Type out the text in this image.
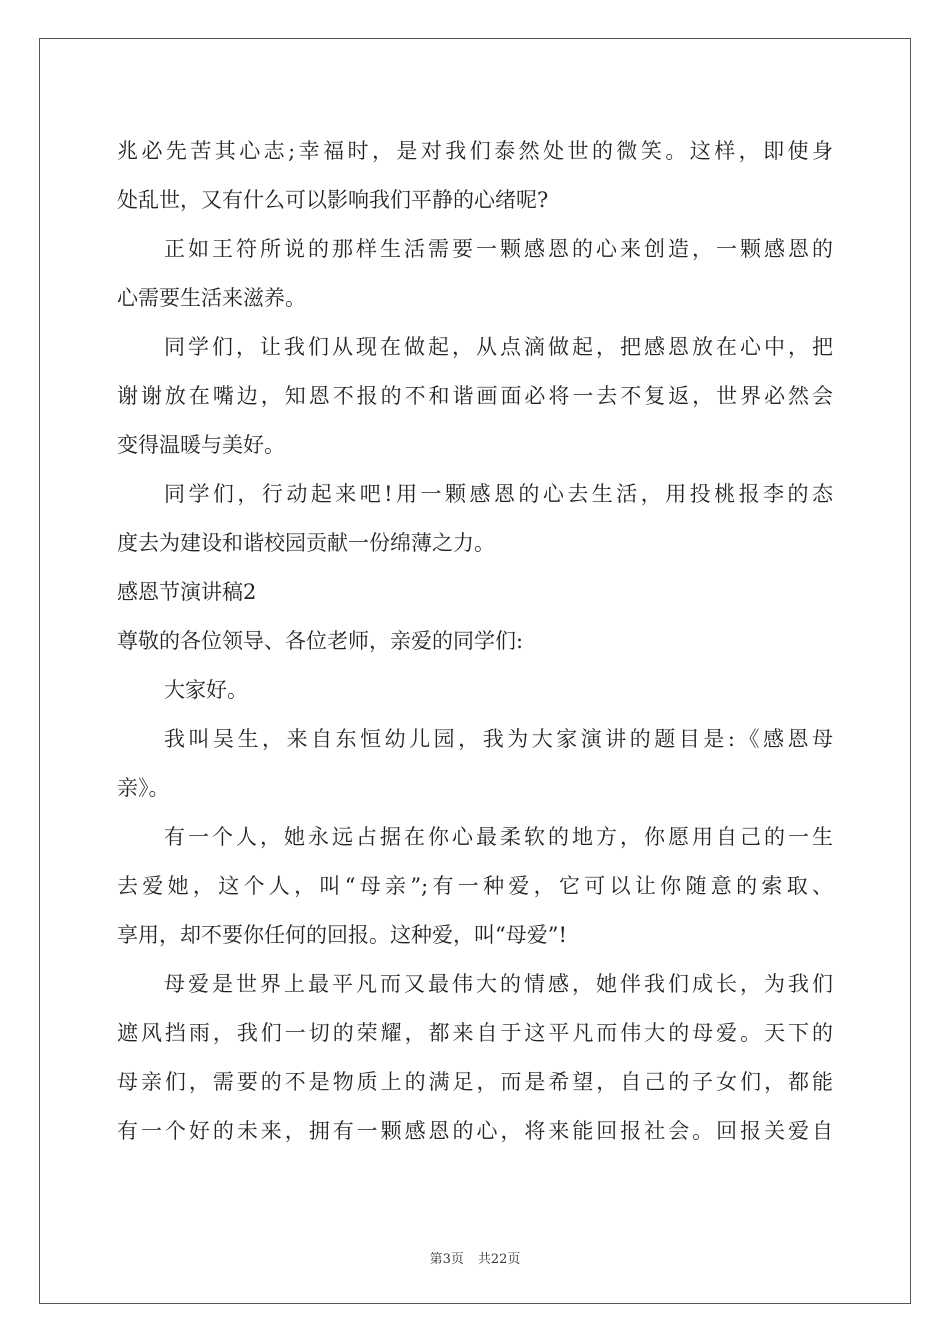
兆必先苦其心志;幸福时，是对我们泰然处世的微笑。这样，即使身
处乱世，又有什么可以影响我们平静的心绪呢?
正如王符所说的那样生活需要一颗感恩的心来创造，一颗感恩的
心需要生活来滋养。
同学们，让我们从现在做起，从点滴做起，把感恩放在心中，把
谢谢放在嘴边，知恩不报的不和谐画面必将一去不复返，世界必然会
变得温暖与美好。
同学们，行动起来吧!用一颗感恩的心去生活，用投桃报李的态
度去为建设和谐校园贡献一份绵薄之力。
感恩节演讲稿2
尊敬的各位领导、各位老师，亲爱的同学们:
大家好。
我叫吴生，来自东恒幼儿园，我为大家演讲的题目是:《感恩母
亲》。
有一个人，她永远占据在你心最柔软的地方，你愿用自己的一生
去爱她，这个人，叫“母亲”;有一种爱，它可以让你随意的索取、
享用，却不要你任何的回报。这种爱，叫“母爱”!
母爱是世界上最平凡而又最伟大的情感，她伴我们成长，为我们
遮风挡雨，我们一切的荣耀，都来自于这平凡而伟大的母爱。天下的
母亲们，需要的不是物质上的满足，而是希望，自己的子女们，都能
有一个好的未来，拥有一颗感恩的心，将来能回报社会。回报关爱自
第3页 共22页
